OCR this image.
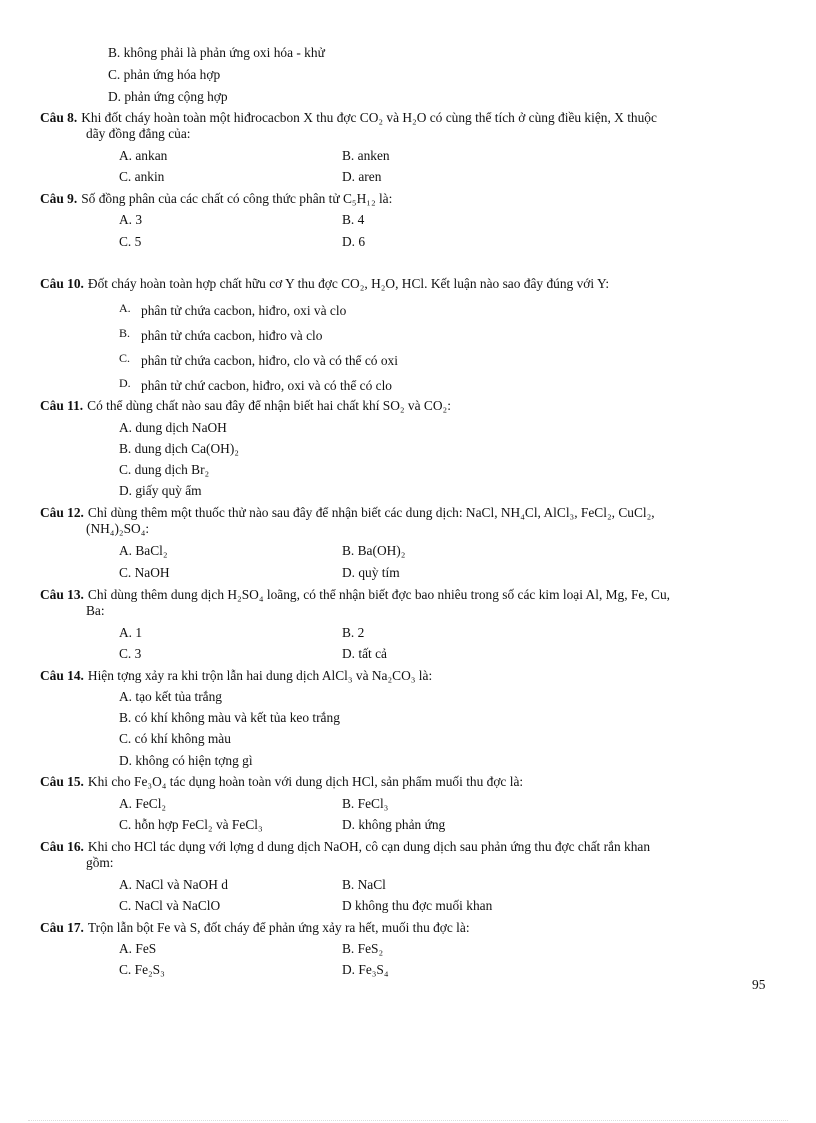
B. không phải là phản ứng oxi hóa - khử
C. phản ứng hóa hợp
D. phản ứng cộng hợp
Câu 8. Khi đốt cháy hoàn toàn một hiđrocacbon X thu đợc CO₂ và H₂O có cùng thể tích ở cùng điều kiện, X thuộc
dãy đồng đẳng của:
A. ankan	B. anken
C. ankin	D. aren
Câu 9. Số đồng phân của các chất có công thức phân tử C₅H₁₂ là:
A. 3	B. 4
C. 5	D. 6
Câu 10. Đốt cháy hoàn toàn hợp chất hữu cơ Y thu đợc CO₂, H₂O, HCl. Kết luận nào sao đây đúng với Y:
A. phân tử chứa cacbon, hiđro, oxi và clo
B. phân tử chứa cacbon, hiđro và clo
C. phân tử chứa cacbon, hiđro, clo và có thể có oxi
D. phân tử chứ cacbon, hiđro, oxi và có thể có clo
Câu 11. Có thể dùng chất nào sau đây để nhận biết hai chất khí SO₂ và CO₂:
A. dung dịch NaOH
B. dung dịch Ca(OH)₂
C. dung dịch Br₂
D. giấy quỳ ẩm
Câu 12. Chỉ dùng thêm một thuốc thử nào sau đây để nhận biết các dung dịch: NaCl, NH₄Cl, AlCl₃, FeCl₂, CuCl₂,
(NH₄)₂SO₄:
A. BaCl₂	B. Ba(OH)₂
C. NaOH	D. quỳ tím
Câu 13. Chỉ dùng thêm dung dịch H₂SO₄ loãng, có thể nhận biết đợc bao nhiêu trong số các kim loại Al, Mg, Fe, Cu,
Ba:
A. 1	B. 2
C. 3	D. tất cả
Câu 14. Hiện tợng xảy ra khi trộn lẫn hai dung dịch AlCl₃ và Na₂CO₃ là:
A. tạo kết tủa trắng
B. có khí không màu và kết tủa keo trắng
C. có khí không màu
D. không có hiện tợng gì
Câu 15. Khi cho Fe₃O₄ tác dụng hoàn toàn với dung dịch HCl, sản phẩm muối thu đợc là:
A. FeCl₂	B. FeCl₃
C. hỗn hợp FeCl₂ và FeCl₃	D. không phản ứng
Câu 16. Khi cho HCl tác dụng với lợng d dung dịch NaOH, cô cạn dung dịch sau phản ứng thu đợc chất rắn khan
gồm:
A. NaCl và NaOH d	B. NaCl
C. NaCl và NaClO	D không thu đợc muối khan
Câu 17. Trộn lẫn bột Fe và S, đốt cháy để phản ứng xảy ra hết, muối thu đợc là:
A. FeS	B. FeS₂
C. Fe₂S₃	D. Fe₃S₄
95
